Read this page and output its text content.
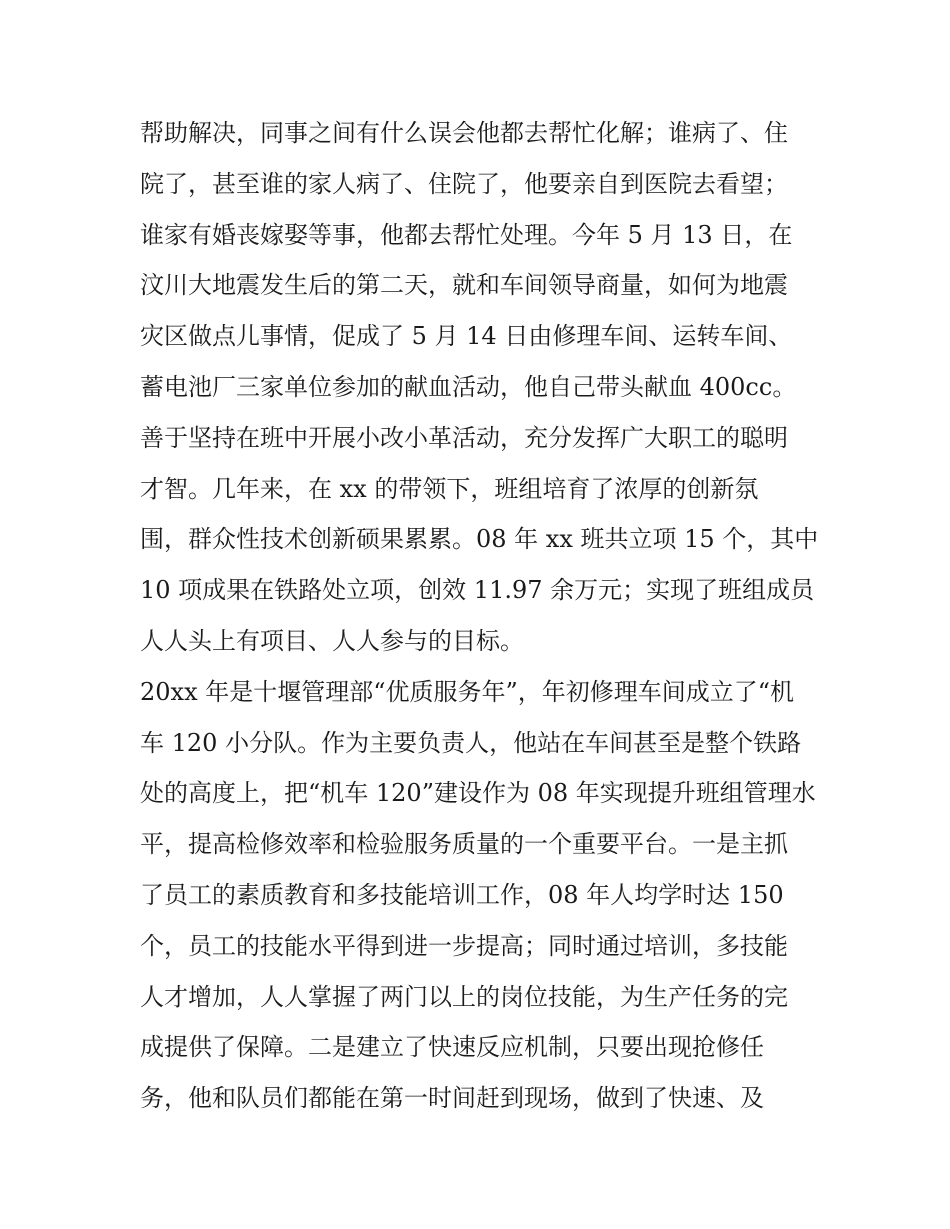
帮助解决，同事之间有什么误会他都去帮忙化解；谁病了、住
院了，甚至谁的家人病了、住院了，他要亲自到医院去看望；
谁家有婚丧嫁娶等事，他都去帮忙处理。今年 5 月 13 日，在
汶川大地震发生后的第二天，就和车间领导商量，如何为地震
灾区做点儿事情，促成了 5 月 14 日由修理车间、运转车间、
蓄电池厂三家单位参加的献血活动，他自己带头献血 400cc。
善于坚持在班中开展小改小革活动，充分发挥广大职工的聪明
才智。几年来，在 xx 的带领下，班组培育了浓厚的创新氛
围，群众性技术创新硕果累累。08 年 xx 班共立项 15 个，其中
10 项成果在铁路处立项，创效 11.97 余万元；实现了班组成员
人人头上有项目、人人参与的目标。
20xx 年是十堰管理部“优质服务年”，年初修理车间成立了“机
车 120 小分队。作为主要负责人，他站在车间甚至是整个铁路
处的高度上，把“机车 120”建设作为 08 年实现提升班组管理水
平，提高检修效率和检验服务质量的一个重要平台。一是主抓
了员工的素质教育和多技能培训工作，08 年人均学时达 150
个，员工的技能水平得到进一步提高；同时通过培训，多技能
人才增加，人人掌握了两门以上的岗位技能，为生产任务的完
成提供了保障。二是建立了快速反应机制，只要出现抢修任
务，他和队员们都能在第一时间赶到现场，做到了快速、及
